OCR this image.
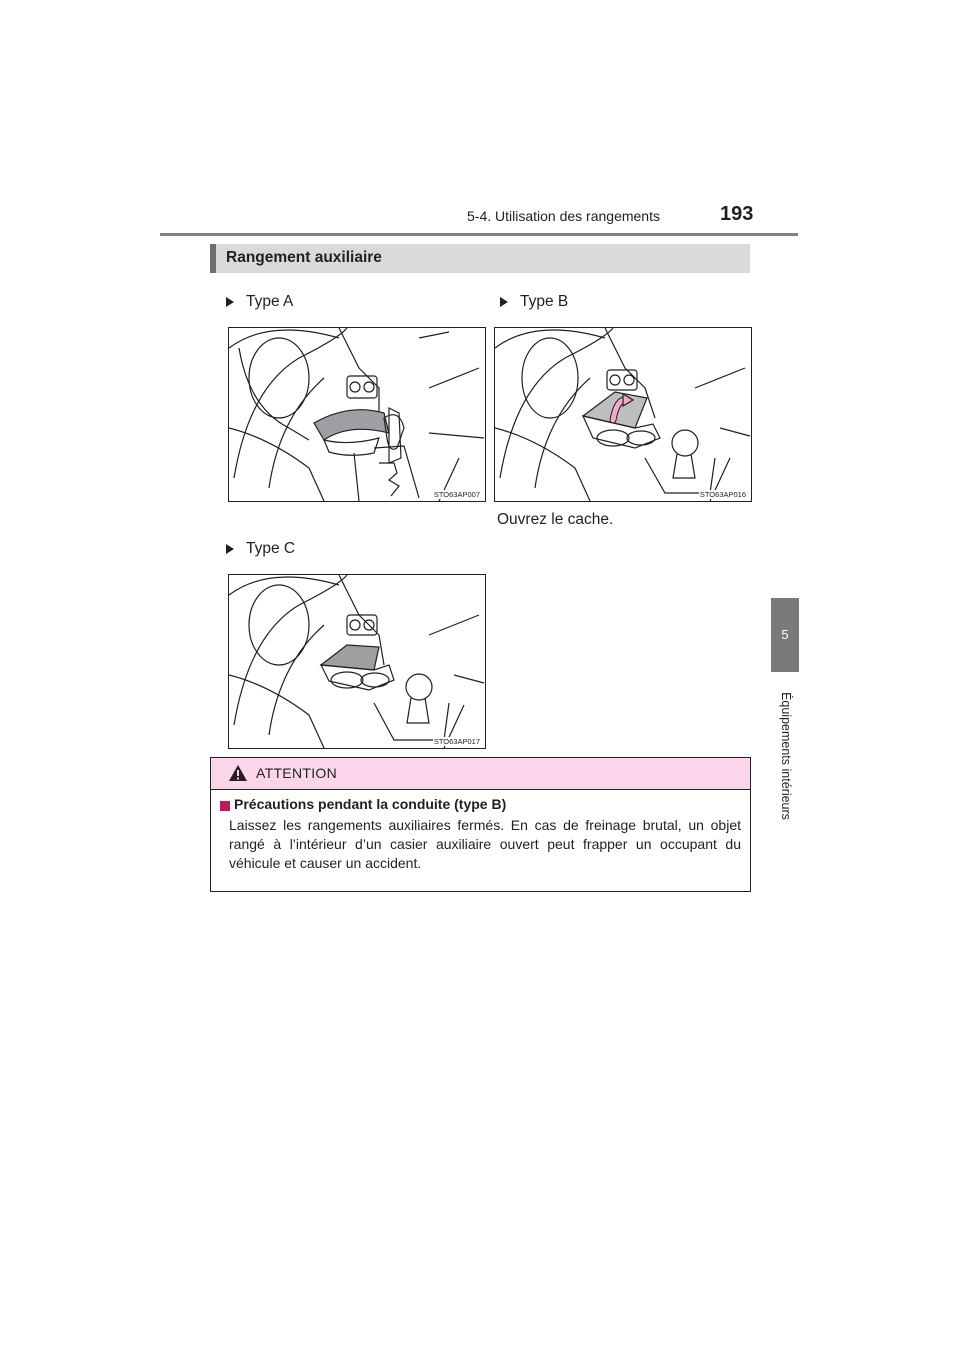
5-4. Utilisation des rangements	193
5
Équipements intérieurs
Rangement auxiliaire
Type A
STO63AP007
Type B
STO63AP016
Ouvrez le cache.
Type C
STO63AP017
ATTENTION
Précautions pendant la conduite (type B)
Laissez les rangements auxiliaires fermés. En cas de freinage brutal, un objet rangé à l’intérieur d’un casier auxiliaire ouvert peut frapper un occupant du véhicule et causer un accident.
